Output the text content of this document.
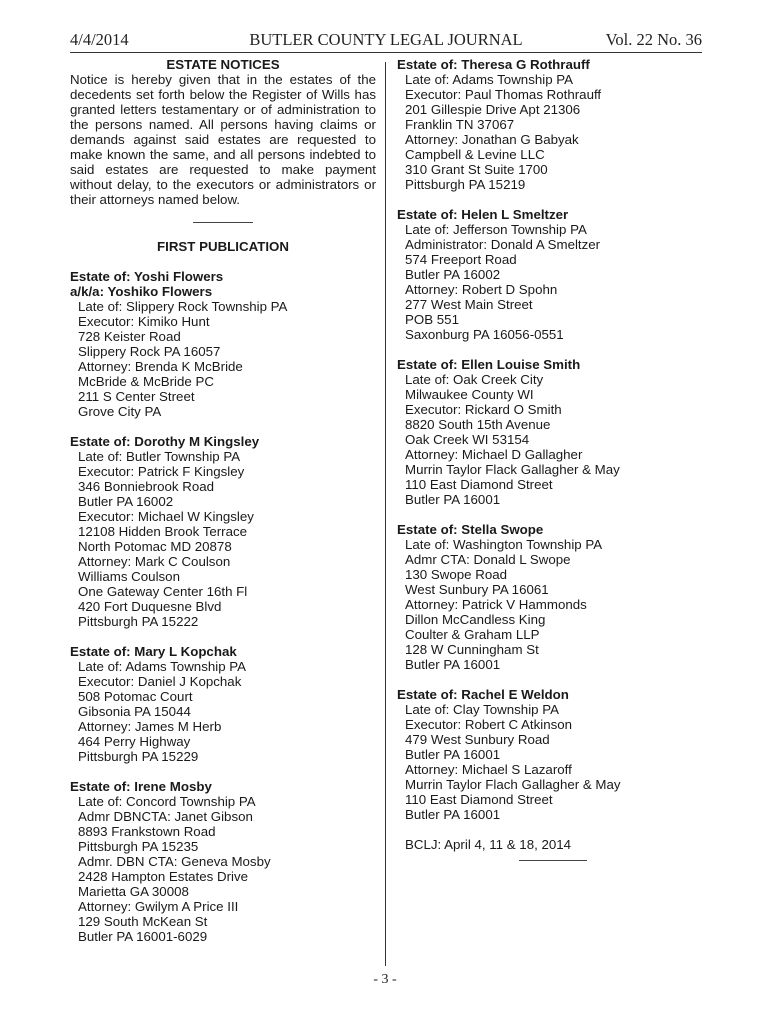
4/4/2014	BUTLER COUNTY LEGAL JOURNAL	Vol. 22 No. 36
ESTATE NOTICES
Notice is hereby given that in the estates of the decedents set forth below the Register of Wills has granted letters testamentary or of administration to the persons named. All persons having claims or demands against said estates are requested to make known the same, and all persons indebted to said estates are requested to make payment without delay, to the executors or administrators or their attorneys named below.
FIRST PUBLICATION
Estate of: Yoshi Flowers
a/k/a: Yoshiko Flowers
Late of: Slippery Rock Township PA
Executor: Kimiko Hunt
728 Keister Road
Slippery Rock PA 16057
Attorney: Brenda K McBride
McBride & McBride PC
211 S Center Street
Grove City PA
Estate of: Dorothy M Kingsley
Late of: Butler Township PA
Executor: Patrick F Kingsley
346 Bonniebrook Road
Butler PA 16002
Executor: Michael W Kingsley
12108 Hidden Brook Terrace
North Potomac MD 20878
Attorney: Mark C Coulson
Williams Coulson
One Gateway Center 16th Fl
420 Fort Duquesne Blvd
Pittsburgh PA 15222
Estate of: Mary L Kopchak
Late of: Adams Township PA
Executor: Daniel J Kopchak
508 Potomac Court
Gibsonia PA 15044
Attorney: James M Herb
464 Perry Highway
Pittsburgh PA 15229
Estate of: Irene Mosby
Late of: Concord Township PA
Admr DBNCTA: Janet Gibson
8893 Frankstown Road
Pittsburgh PA 15235
Admr. DBN CTA: Geneva Mosby
2428 Hampton Estates Drive
Marietta GA 30008
Attorney: Gwilym A Price III
129 South McKean St
Butler PA 16001-6029
Estate of: Theresa G Rothrauff
Late of: Adams Township PA
Executor: Paul Thomas Rothrauff
201 Gillespie Drive Apt 21306
Franklin TN 37067
Attorney: Jonathan G Babyak
Campbell & Levine LLC
310 Grant St Suite 1700
Pittsburgh PA 15219
Estate of: Helen L Smeltzer
Late of: Jefferson Township PA
Administrator: Donald A Smeltzer
574 Freeport Road
Butler PA 16002
Attorney: Robert D Spohn
277 West Main Street
POB 551
Saxonburg PA 16056-0551
Estate of: Ellen Louise Smith
Late of: Oak Creek City
Milwaukee County WI
Executor: Rickard O Smith
8820 South 15th Avenue
Oak Creek WI 53154
Attorney: Michael D Gallagher
Murrin Taylor Flack Gallagher & May
110 East Diamond Street
Butler PA 16001
Estate of: Stella Swope
Late of: Washington Township PA
Admr CTA: Donald L Swope
130 Swope Road
West Sunbury PA 16061
Attorney: Patrick V Hammonds
Dillon McCandless King
Coulter & Graham LLP
128 W Cunningham St
Butler PA 16001
Estate of: Rachel E Weldon
Late of: Clay Township PA
Executor: Robert C Atkinson
479 West Sunbury Road
Butler PA 16001
Attorney: Michael S Lazaroff
Murrin Taylor Flach Gallagher & May
110 East Diamond Street
Butler PA 16001
BCLJ: April 4, 11 & 18, 2014
- 3 -
